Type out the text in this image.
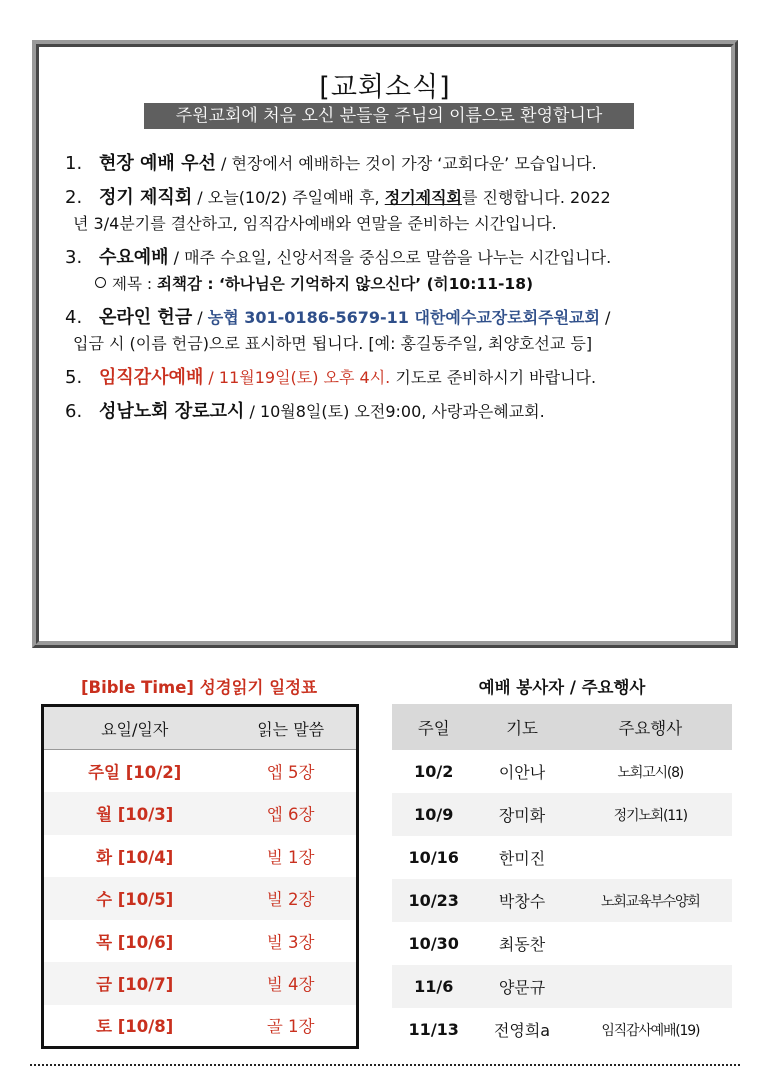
[교회소식]
주원교회에 처음 오신 분들을 주님의 이름으로 환영합니다
1. 현장 예배 우선 / 현장에서 예배하는 것이 가장 ‘교회다운’ 모습입니다.
2. 정기 제직회 / 오늘(10/2) 주일예배 후, 정기제직회를 진행합니다. 2022
년 3/4분기를 결산하고, 임직감사예배와 연말을 준비하는 시간입니다.
3. 수요예배 / 매주 수요일, 신앙서적을 중심으로 말씀을 나누는 시간입니다.
제목 : 죄책감 : ‘하나님은 기억하지 않으신다’ (히10:11-18)
4. 온라인 헌금 / 농협 301-0186-5679-11 대한예수교장로회주원교회 /
입금 시 (이름 헌금)으로 표시하면 됩니다. [예: 홍길동주일, 최양호선교 등]
5. 임직감사예배 / 11월19일(토) 오후 4시. 기도로 준비하시기 바랍니다.
6. 성남노회 장로고시 / 10월8일(토) 오전9:00, 사랑과은혜교회.
[Bible Time] 성경읽기 일정표
요일/일자	읽는 말씀
주일 [10/2]	엡 5장
월 [10/3]	엡 6장
화 [10/4]	빌 1장
수 [10/5]	빌 2장
목 [10/6]	빌 3장
금 [10/7]	빌 4장
토 [10/8]	골 1장
예배 봉사자 / 주요행사
주일	기도	주요행사
10/2	이안나	노회고시(8)
10/9	장미화	정기노회(11)
10/16	한미진	
10/23	박창수	노회교육부수양회
10/30	최동찬	
11/6	양문규	
11/13	전영희a	임직감사예배(19)
